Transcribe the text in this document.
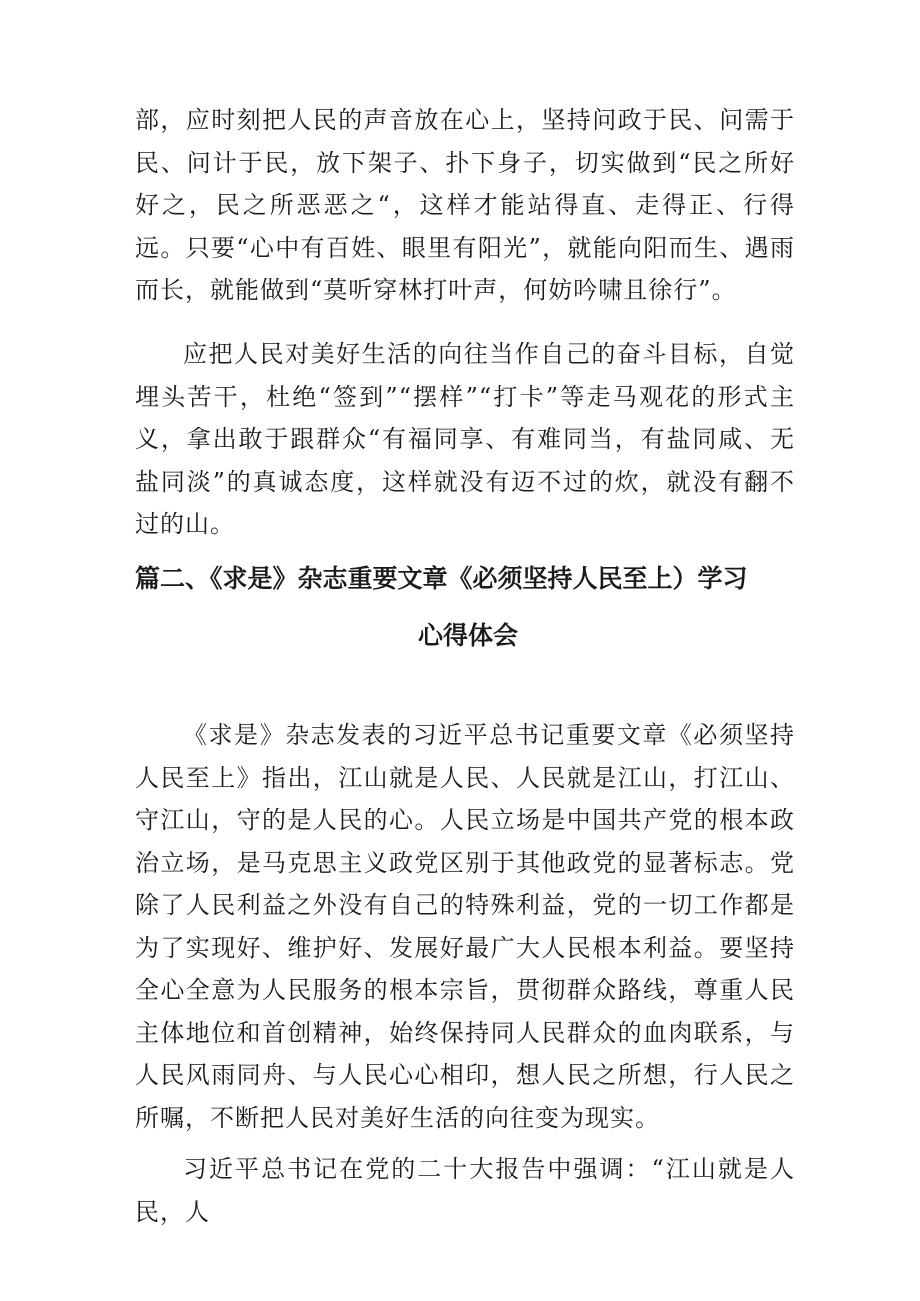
部，应时刻把人民的声音放在心上，坚持问政于民、问需于民、问计于民，放下架子、扑下身子，切实做到“民之所好好之，民之所恶恶之“，这样才能站得直、走得正、行得远。只要“心中有百姓、眼里有阳光”，就能向阳而生、遇雨而长，就能做到“莫听穿林打叶声，何妨吟啸且徐行”。

应把人民对美好生活的向往当作自己的奋斗目标，自觉埋头苦干，杜绝“签到”“摆样”“打卡”等走马观花的形式主义，拿出敢于跟群众“有福同享、有难同当，有盐同咸、无盐同淡”的真诚态度，这样就没有迈不过的炊，就没有翻不过的山。

篇二、《求是》杂志重要文章《必须坚持人民至上）学习
心得体会

《求是》杂志发表的习近平总书记重要文章《必须坚持人民至上》指出，江山就是人民、人民就是江山，打江山、守江山，守的是人民的心。人民立场是中国共产党的根本政治立场，是马克思主义政党区别于其他政党的显著标志。党除了人民利益之外没有自己的特殊利益，党的一切工作都是为了实现好、维护好、发展好最广大人民根本利益。要坚持全心全意为人民服务的根本宗旨，贯彻群众路线，尊重人民主体地位和首创精神，始终保持同人民群众的血肉联系，与人民风雨同舟、与人民心心相印，想人民之所想，行人民之所嘱，不断把人民对美好生活的向往变为现实。

习近平总书记在党的二十大报告中强调：“江山就是人民，人
